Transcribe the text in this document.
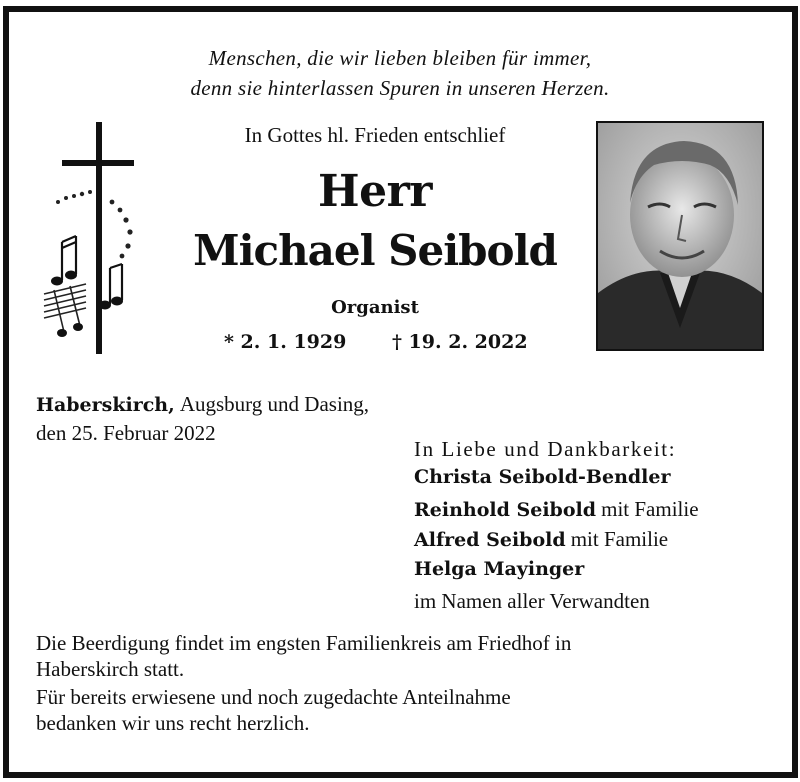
Menschen, die wir lieben bleiben für immer,
denn sie hinterlassen Spuren in unseren Herzen.
In Gottes hl. Frieden entschlief
Herr
Michael Seibold
Organist
* 2. 1. 1929 † 19. 2. 2022
Haberskirch, Augsburg und Dasing,
den 25. Februar 2022
In Liebe und Dankbarkeit:
Christa Seibold-Bendler
Reinhold Seibold mit Familie
Alfred Seibold mit Familie
Helga Mayinger
im Namen aller Verwandten
Die Beerdigung findet im engsten Familienkreis am Friedhof in
Haberskirch statt.
Für bereits erwiesene und noch zugedachte Anteilnahme
bedanken wir uns recht herzlich.
